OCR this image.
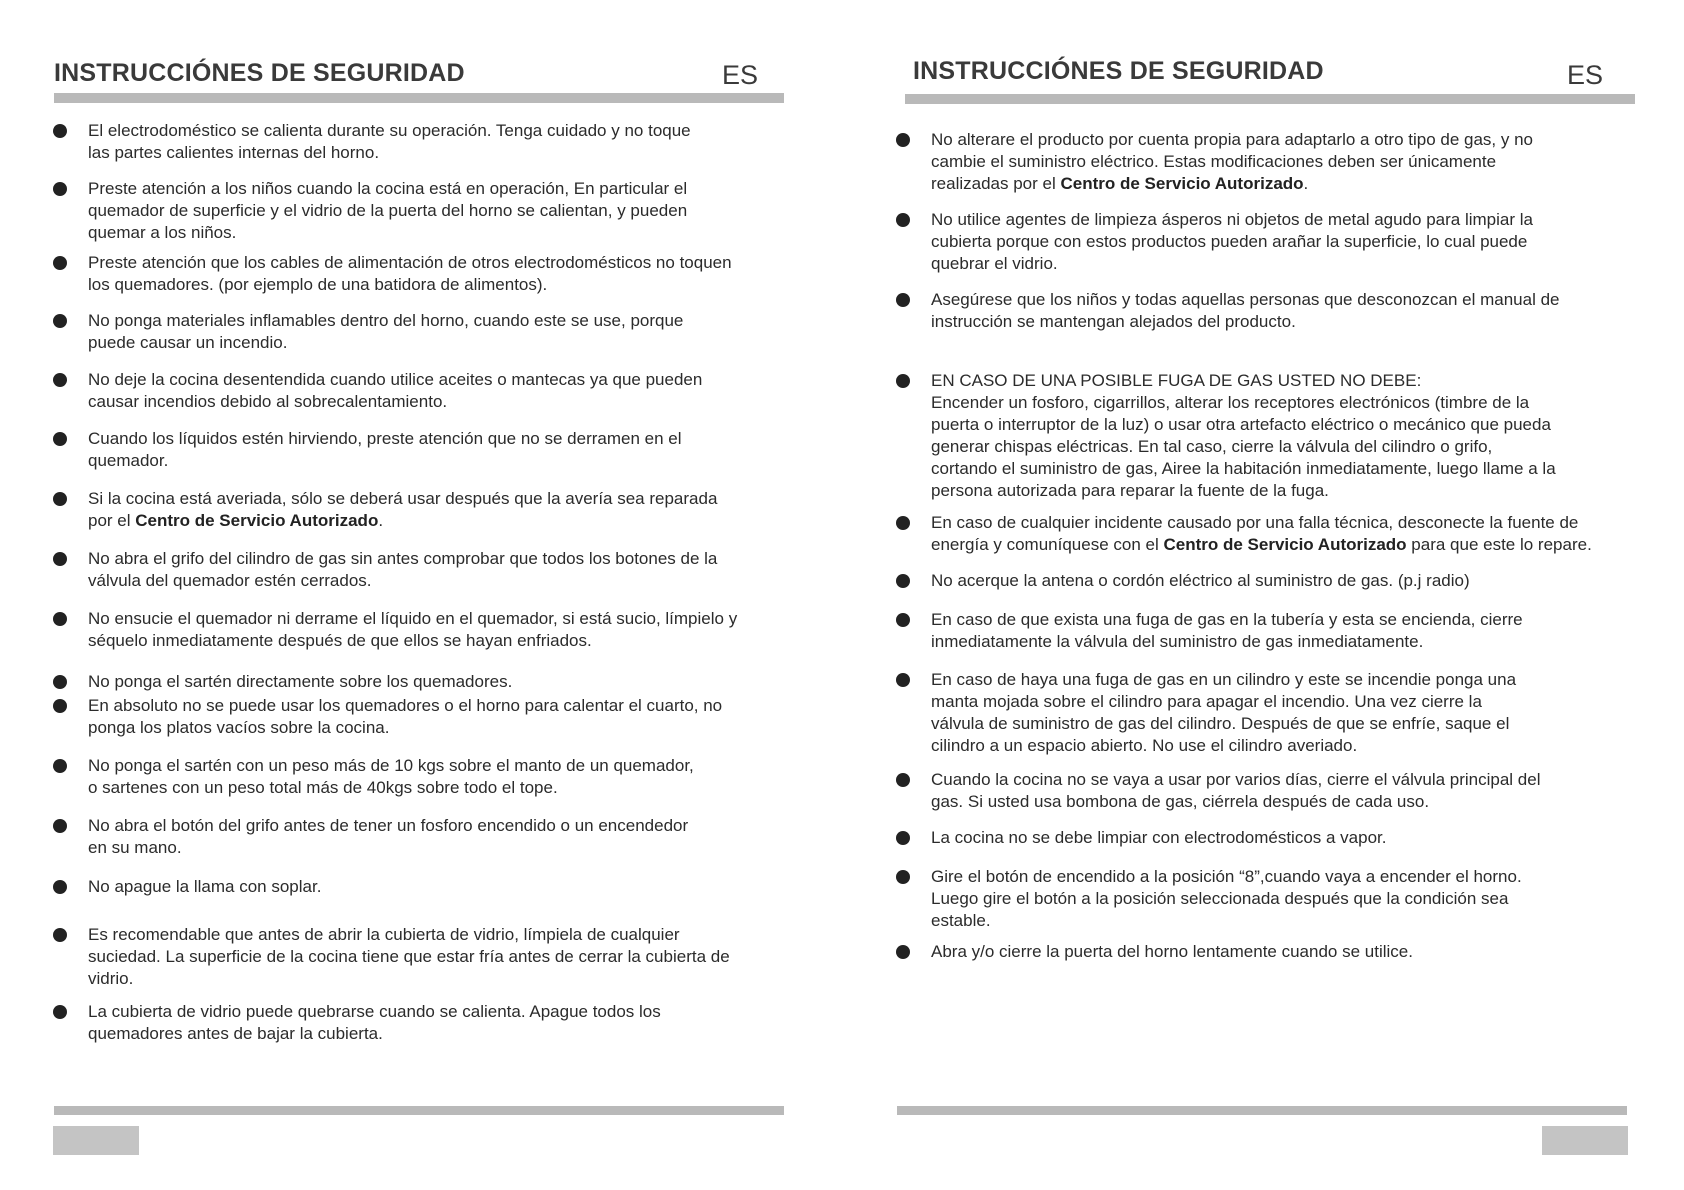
INSTRUCCIÓNES DE SEGURIDAD	ES
El electrodoméstico se calienta durante su operación. Tenga cuidado y no toque
las partes calientes internas del horno.
Preste atención a los niños cuando la cocina está en operación, En particular el
quemador de superficie y el vidrio de la puerta del horno se calientan, y pueden
quemar a los niños.
Preste atención que los cables de alimentación de otros electrodomésticos no toquen
los quemadores. (por ejemplo de una batidora de alimentos).
No ponga materiales inflamables dentro del horno, cuando este se use, porque
puede causar un incendio.
No deje la cocina desentendida cuando utilice aceites o mantecas ya que pueden
causar incendios debido al sobrecalentamiento.
Cuando los líquidos estén hirviendo, preste atención que no se derramen en el
quemador.
Si la cocina está averiada, sólo se deberá usar después que la avería sea reparada
por el Centro de Servicio Autorizado.
No abra el grifo del cilindro de gas sin antes comprobar que todos los botones de la
válvula del quemador estén cerrados.
No ensucie el quemador ni derrame el líquido en el quemador, si está sucio, límpielo y
séquelo inmediatamente después de que ellos se hayan enfriados.
No ponga el sartén directamente sobre los quemadores.
En absoluto no se puede usar los quemadores o el horno para calentar el cuarto, no
ponga los platos vacíos sobre la cocina.
No ponga el sartén con un peso más de 10 kgs sobre el manto de un quemador,
o sartenes con un peso total más de 40kgs sobre todo el tope.
No abra el botón del grifo antes de tener un fosforo encendido o un encendedor
en su mano.
No apague la llama con soplar.
Es recomendable que antes de abrir la cubierta de vidrio, límpiela de cualquier
suciedad. La superficie de la cocina tiene que estar fría antes de cerrar la cubierta de
vidrio.
La cubierta de vidrio puede quebrarse cuando se calienta. Apague todos los
quemadores antes de bajar la cubierta.
INSTRUCCIÓNES DE SEGURIDAD	ES
No alterare el producto por cuenta propia para adaptarlo a otro tipo de gas, y no
cambie el suministro eléctrico. Estas modificaciones deben ser únicamente
realizadas por el Centro de Servicio Autorizado.
No utilice agentes de limpieza ásperos ni objetos de metal agudo para limpiar la
cubierta porque con estos productos pueden arañar la superficie, lo cual puede
quebrar el vidrio.
Asegúrese que los niños y todas aquellas personas que desconozcan el manual de
instrucción se mantengan alejados del producto.
EN CASO DE UNA POSIBLE FUGA DE GAS USTED NO DEBE:
Encender un fosforo, cigarrillos, alterar los receptores electrónicos (timbre de la
puerta o interruptor de la luz) o usar otra artefacto eléctrico o mecánico que pueda
generar chispas eléctricas. En tal caso, cierre la válvula del cilindro o grifo,
cortando el suministro de gas, Airee la habitación inmediatamente, luego llame a la
persona autorizada para reparar la fuente de la fuga.
En caso de cualquier incidente causado por una falla técnica, desconecte la fuente de
energía y comuníquese con el Centro de Servicio Autorizado para que este lo repare.
No acerque la antena o cordón eléctrico al suministro de gas. (p.j radio)
En caso de que exista una fuga de gas en la tubería y esta se encienda, cierre
inmediatamente la válvula del suministro de gas inmediatamente.
En caso de haya una fuga de gas en un cilindro y este se incendie ponga una
manta mojada sobre el cilindro para apagar el incendio. Una vez cierre la
válvula de suministro de gas del cilindro. Después de que se enfríe, saque el
cilindro a un espacio abierto. No use el cilindro averiado.
Cuando la cocina no se vaya a usar por varios días, cierre el válvula principal del
gas. Si usted usa bombona de gas, ciérrela después de cada uso.
La cocina no se debe limpiar con electrodomésticos a vapor.
Gire el botón de encendido a la posición “8”,cuando vaya a encender el horno.
Luego gire el botón a la posición seleccionada después que la condición sea
estable.
Abra y/o cierre la puerta del horno lentamente cuando se utilice.
